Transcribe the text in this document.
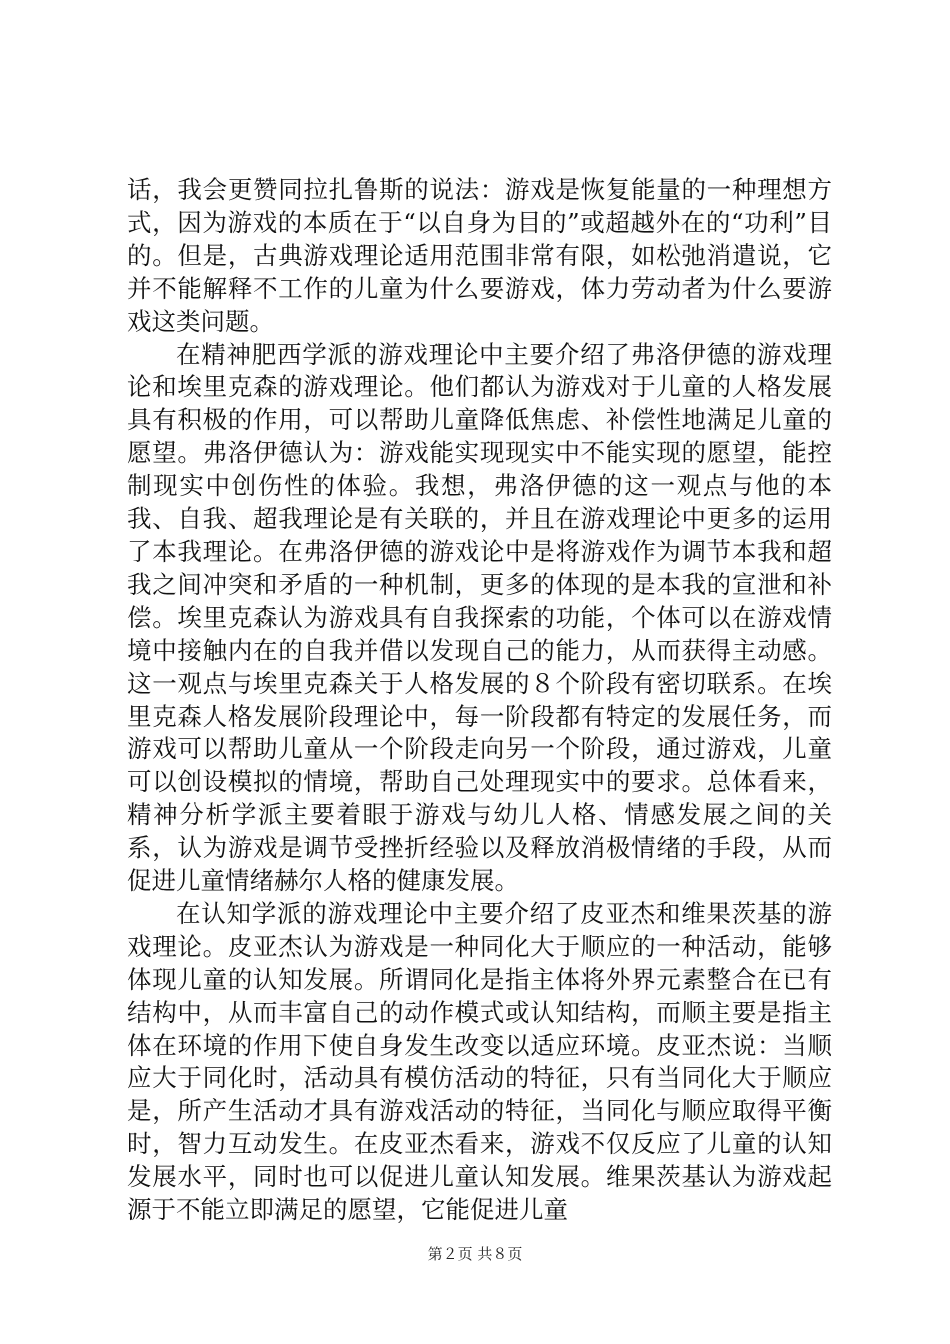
话，我会更赞同拉扎鲁斯的说法：游戏是恢复能量的一种理想方式，因为游戏的本质在于“以自身为目的”或超越外在的“功利”目的。但是，古典游戏理论适用范围非常有限，如松弛消遣说，它并不能解释不工作的儿童为什么要游戏，体力劳动者为什么要游戏这类问题。

在精神肥西学派的游戏理论中主要介绍了弗洛伊德的游戏理论和埃里克森的游戏理论。他们都认为游戏对于儿童的人格发展具有积极的作用，可以帮助儿童降低焦虑、补偿性地满足儿童的愿望。弗洛伊德认为：游戏能实现现实中不能实现的愿望，能控制现实中创伤性的体验。我想，弗洛伊德的这一观点与他的本我、自我、超我理论是有关联的，并且在游戏理论中更多的运用了本我理论。在弗洛伊德的游戏论中是将游戏作为调节本我和超我之间冲突和矛盾的一种机制，更多的体现的是本我的宣泄和补偿。埃里克森认为游戏具有自我探索的功能，个体可以在游戏情境中接触内在的自我并借以发现自己的能力，从而获得主动感。这一观点与埃里克森关于人格发展的８个阶段有密切联系。在埃里克森人格发展阶段理论中，每一阶段都有特定的发展任务，而游戏可以帮助儿童从一个阶段走向另一个阶段，通过游戏，儿童可以创设模拟的情境，帮助自己处理现实中的要求。总体看来，精神分析学派主要着眼于游戏与幼儿人格、情感发展之间的关系，认为游戏是调节受挫折经验以及释放消极情绪的手段，从而促进儿童情绪赫尔人格的健康发展。

在认知学派的游戏理论中主要介绍了皮亚杰和维果茨基的游戏理论。皮亚杰认为游戏是一种同化大于顺应的一种活动，能够体现儿童的认知发展。所谓同化是指主体将外界元素整合在已有结构中，从而丰富自己的动作模式或认知结构，而顺主要是指主体在环境的作用下使自身发生改变以适应环境。皮亚杰说：当顺应大于同化时，活动具有模仿活动的特征，只有当同化大于顺应是，所产生活动才具有游戏活动的特征，当同化与顺应取得平衡时，智力互动发生。在皮亚杰看来，游戏不仅反应了儿童的认知发展水平，同时也可以促进儿童认知发展。维果茨基认为游戏起源于不能立即满足的愿望，它能促进儿童

第２页 共８页
